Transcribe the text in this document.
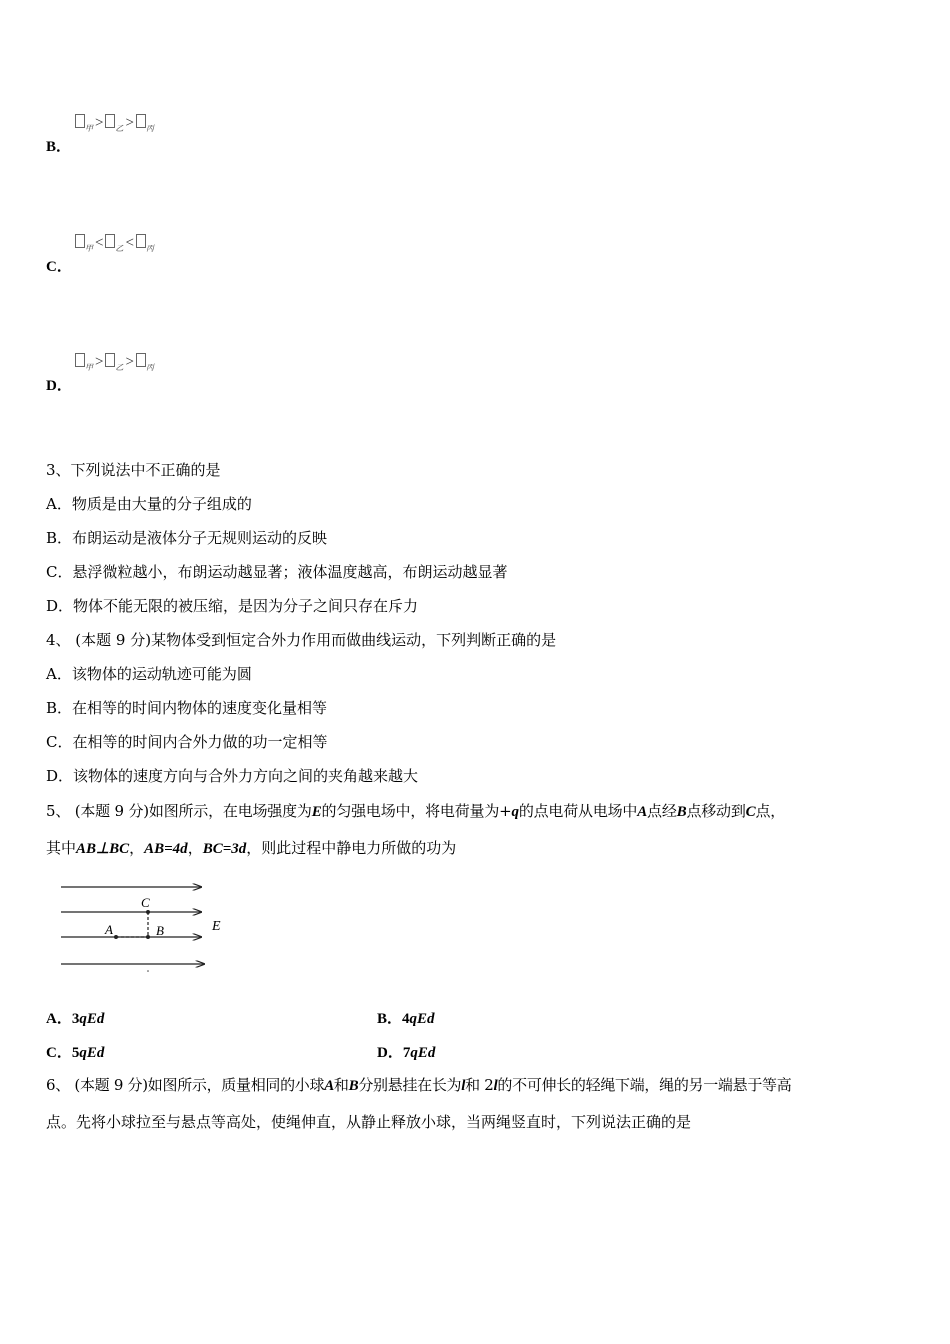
$_甲$ > $_乙$ > $_丙$
B．
$_甲$ < $_乙$ < $_丙$
C．
$_甲$ > $_乙$ > $_丙$
D．
3、下列说法中不正确的是
A．物质是由大量的分子组成的
B．布朗运动是液体分子无规则运动的反映
C．悬浮微粒越小，布朗运动越显著；液体温度越高，布朗运动越显著
D．物体不能无限的被压缩，是因为分子之间只存在斥力
4、 (本题 9 分)某物体受到恒定合外力作用而做曲线运动，下列判断正确的是
A．该物体的运动轨迹可能为圆
B．在相等的时间内物体的速度变化量相等
C．在相等的时间内合外力做的功一定相等
D．该物体的速度方向与合外力方向之间的夹角越来越大
5、 (本题 9 分)如图所示，在电场强度为E的匀强电场中，将电荷量为+q的点电荷从电场中A点经B点移动到C点，
其中AB⊥BC，AB=4d，BC=3d，则此过程中静电力所做的功为
C
A	B	E
A．3qEd	B．4qEd
C．5qEd	D．7qEd
6、 (本题 9 分)如图所示，质量相同的小球A和B分别悬挂在长为l和 2l的不可伸长的轻绳下端，绳的另一端悬于等高
点。先将小球拉至与悬点等高处，使绳伸直，从静止释放小球，当两绳竖直时，下列说法正确的是
